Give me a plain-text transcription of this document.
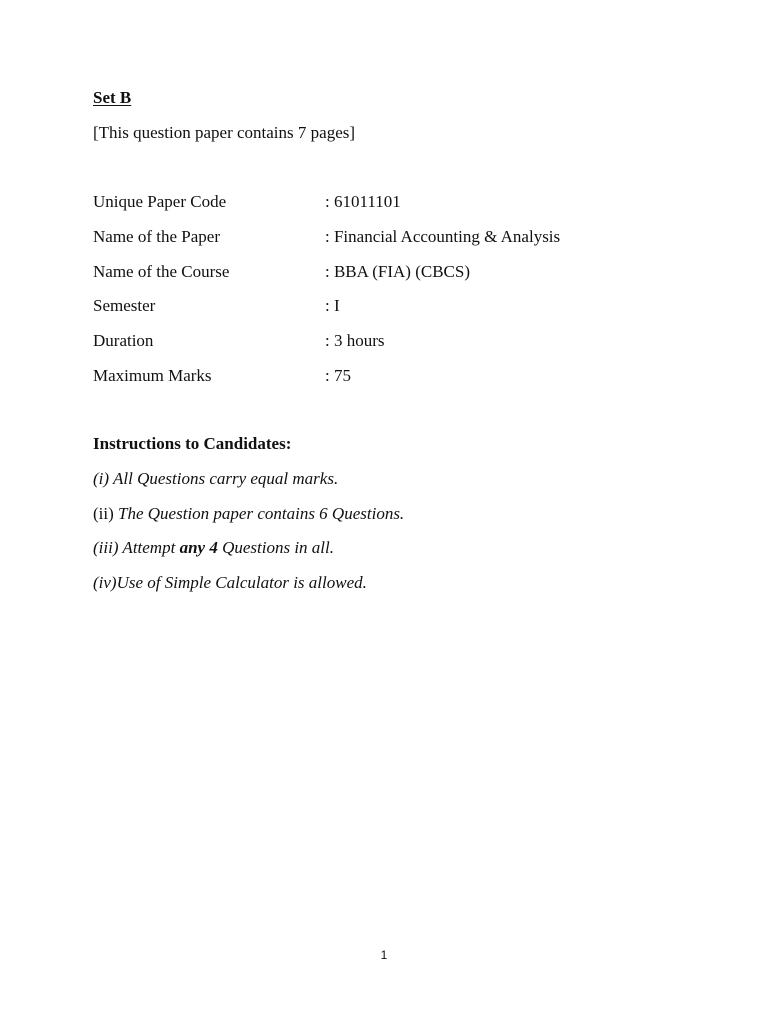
Set B

[This question paper contains 7 pages]

Unique Paper Code	: 61011101
Name of the Paper	: Financial Accounting & Analysis
Name of the Course	: BBA (FIA) (CBCS)
Semester	: I
Duration	: 3 hours
Maximum Marks	: 75

Instructions to Candidates:

(i) All Questions carry equal marks.
(ii) The Question paper contains 6 Questions.
(iii) Attempt any 4 Questions in all.
(iv)Use of Simple Calculator is allowed.
1
